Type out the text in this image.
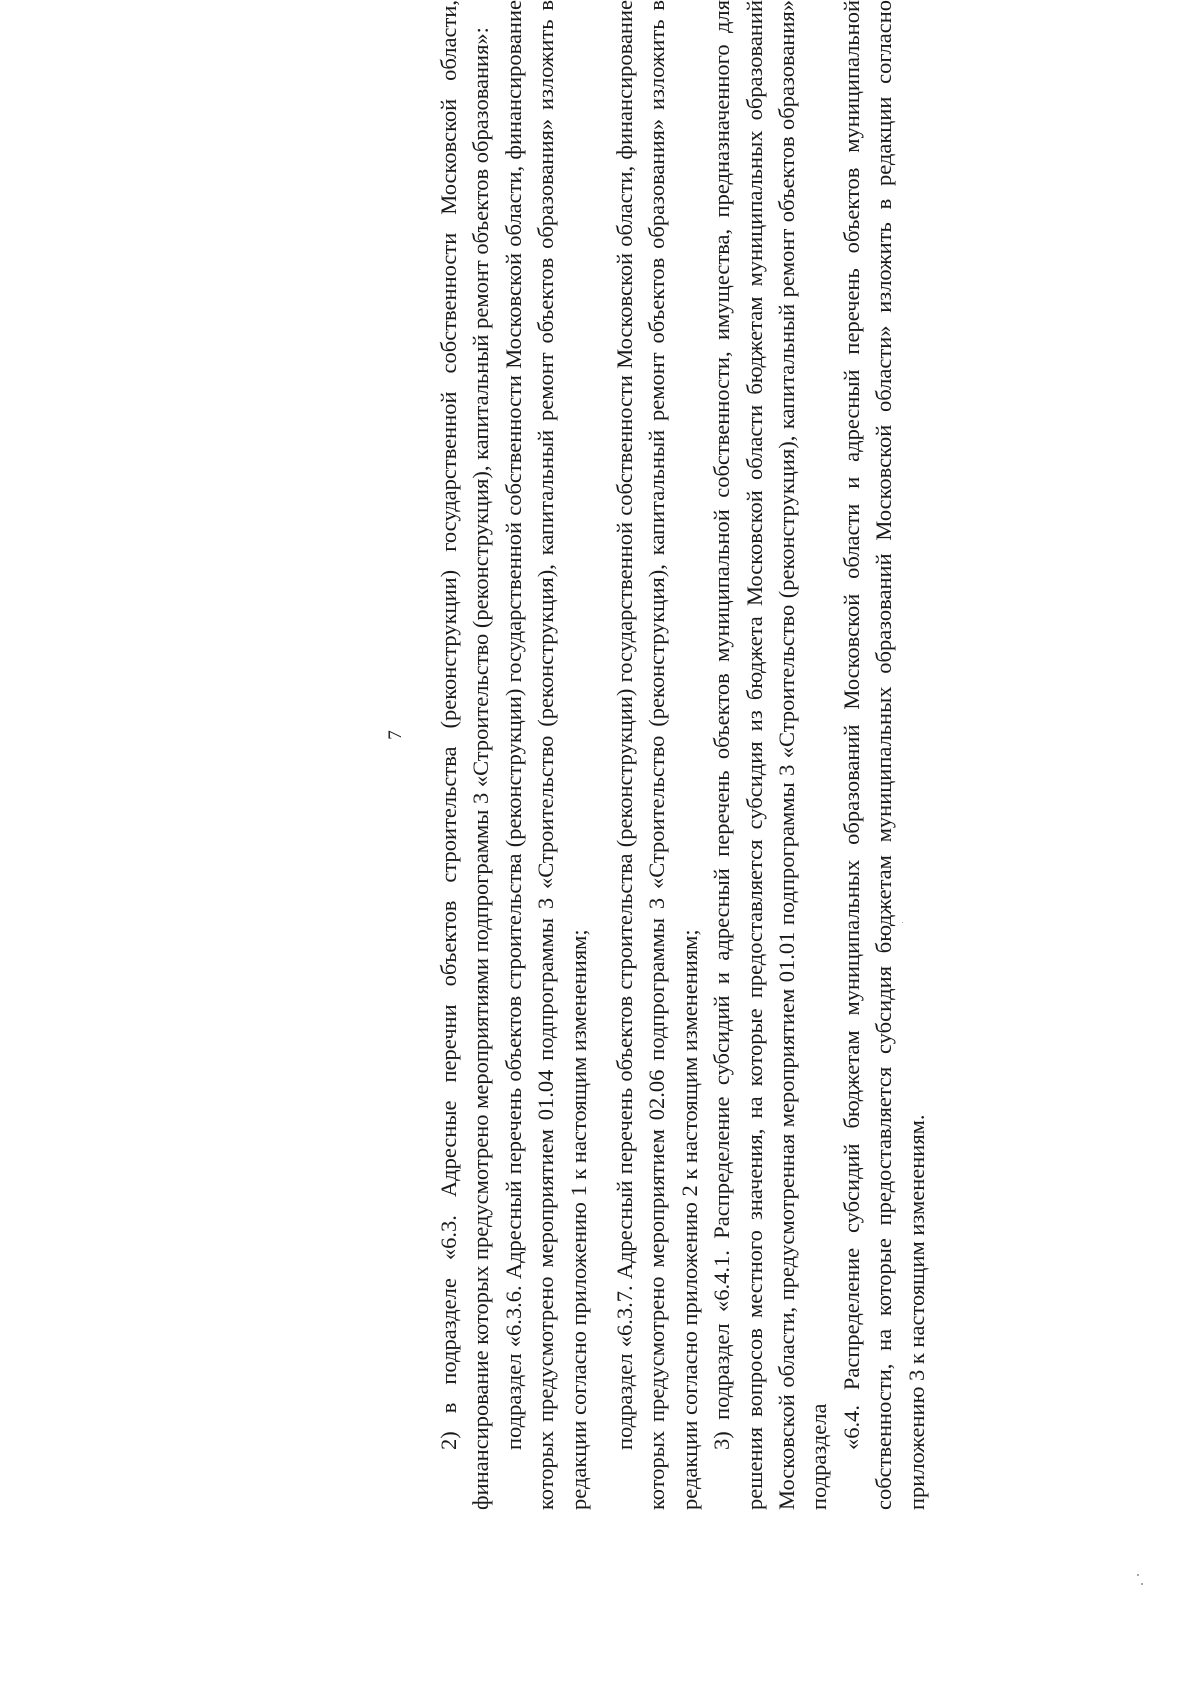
7 2) в подразделе «6.3. Адресные перечни объектов строительства (реконструкции) государственной собственности Московской области, финансирование которых предусмотрено мероприятиями подпрограммы 3 «Строительство (реконструкция), капитальный ремонт объектов образования»: подраздел «6.3.6. Адресный перечень объектов строительства (реконструкции) государственной собственности Московской области, финансирование которых предусмотрено мероприятием 01.04 подпрограммы 3 «Строительство (реконструкция), капитальный ремонт объектов образования» изложить в редакции согласно приложению 1 к настоящим изменениям; подраздел «6.3.7. Адресный перечень объектов строительства (реконструкции) государственной собственности Московской области, финансирование которых предусмотрено мероприятием 02.06 подпрограммы 3 «Строительство (реконструкция), капитальный ремонт объектов образования» изложить в редакции согласно приложению 2 к настоящим изменениям; 3) подраздел «6.4.1. Распределение субсидий и адресный перечень объектов муниципальной собственности, имущества, предназначенного для решения вопросов местного значения, на которые предоставляется субсидия из бюджета Московской области бюджетам муниципальных образований Московской области, предусмотренная мероприятием 01.01 подпрограммы 3 «Строительство (реконструкция), капитальный ремонт объектов образования» подраздела

«6.4. Распределение субсидий бюджетам муниципальных образований Московской области и адресный перечень объектов муниципальной собственности, на которые предоставляется субсидия бюджетам муниципальных образований Московской области» изложить в редакции согласно приложению 3 к настоящим изменениям.
